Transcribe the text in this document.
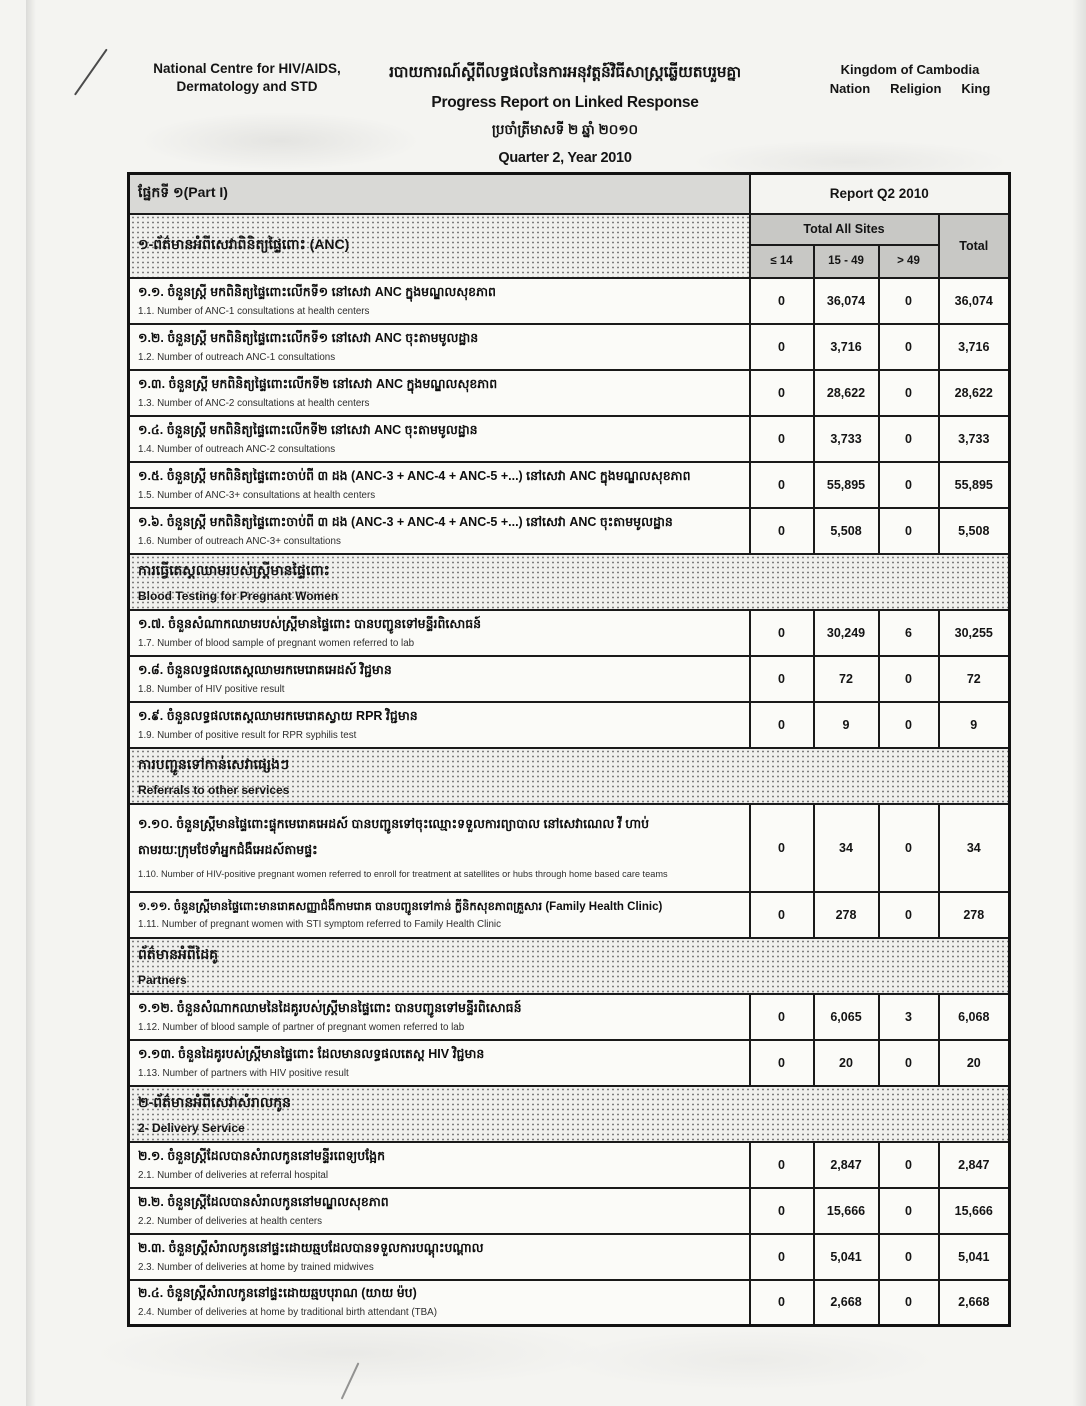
National Centre for HIV/AIDS,
Dermatology and STD
របាយការណ៍ស្ដីពីលទ្ធផលនៃការអនុវត្តន៍វិធីសាស្ត្រឆ្លើយតបរួមគ្នា
Progress Report on Linked Response
ប្រចាំត្រីមាសទី ២ ឆ្នាំ ២០១០
Quarter 2, Year 2010
Kingdom of Cambodia
Nation Religion King
ផ្នែកទី ១(Part I)	Report Q2 2010			
១-ព័ត៌មានអំពីសេវាពិនិត្យផ្ទៃពោះ (ANC)	Total All Sites			Total
	≤ 14	15 - 49	> 49	

១.១. ចំនួនស្ត្រី មកពិនិត្យផ្ទៃពោះលើកទី១ នៅសេវា ANC ក្នុងមណ្ឌលសុខភាព
1.1. Number of ANC-1 consultations at health centers	0	36,074	0	36,074

១.២. ចំនួនស្ត្រី មកពិនិត្យផ្ទៃពោះលើកទី១ នៅសេវា ANC ចុះតាមមូលដ្ឋាន
1.2. Number of outreach ANC-1 consultations	0	3,716	0	3,716

១.៣. ចំនួនស្ត្រី មកពិនិត្យផ្ទៃពោះលើកទី២ នៅសេវា ANC ក្នុងមណ្ឌលសុខភាព
1.3. Number of ANC-2 consultations at health centers	0	28,622	0	28,622

១.៤. ចំនួនស្ត្រី មកពិនិត្យផ្ទៃពោះលើកទី២ នៅសេវា ANC ចុះតាមមូលដ្ឋាន
1.4. Number of outreach ANC-2 consultations	0	3,733	0	3,733

១.៥. ចំនួនស្ត្រី មកពិនិត្យផ្ទៃពោះចាប់ពី ៣ ដង (ANC-3 + ANC-4 + ANC-5 +...) នៅសេវា ANC ក្នុងមណ្ឌលសុខភាព
1.5. Number of ANC-3+ consultations at health centers	0	55,895	0	55,895

១.៦. ចំនួនស្ត្រី មកពិនិត្យផ្ទៃពោះចាប់ពី ៣ ដង (ANC-3 + ANC-4 + ANC-5 +...) នៅសេវា ANC ចុះតាមមូលដ្ឋាន
1.6. Number of outreach ANC-3+ consultations	0	5,508	0	5,508

ការធ្វើតេស្ដឈាមរបស់ស្ត្រីមានផ្ទៃពោះ
Blood Testing for Pregnant Women				

១.៧. ចំនួនសំណាកឈាមរបស់ស្ត្រីមានផ្ទៃពោះ បានបញ្ជូនទៅមន្ទីរពិសោធន៍
1.7. Number of blood sample of pregnant women referred to lab	0	30,249	6	30,255

១.៨. ចំនួនលទ្ធផលតេស្ដឈាមរកមេរោគអេដស៍ វិជ្ជមាន
1.8. Number of HIV positive result	0	72	0	72

១.៩. ចំនួនលទ្ធផលតេស្ដឈាមរកមេរោគស្វាយ RPR វិជ្ជមាន
1.9. Number of positive result for RPR syphilis test	0	9	0	9

ការបញ្ជូនទៅកាន់សេវាផ្សេងៗ
Referrals to other services				

១.១០. ចំនួនស្ត្រីមានផ្ទៃពោះផ្ទុកមេរោគអេដស៍ បានបញ្ជូនទៅចុះឈ្មោះទទួលការព្យាបាល នៅសេវាណេល វី ហាប់
តាមរយៈក្រុមថែទាំអ្នកជំងឺអេដស៍តាមផ្ទះ
1.10. Number of HIV-positive pregnant women referred to enroll for treatment at satellites or hubs through home based care teams	0	34	0	34

១.១១. ចំនួនស្ត្រីមានផ្ទៃពោះមានរោគសញ្ញាជំងឺកាមរោគ បានបញ្ជូនទៅកាន់ ក្លីនិកសុខភាពគ្រួសារ (Family Health Clinic)
1.11. Number of pregnant women with STI symptom referred to Family Health Clinic	0	278	0	278

ព័ត៌មានអំពីដៃគូ
Partners				

១.១២. ចំនួនសំណាកឈាមនៃដៃគូរបស់ស្ត្រីមានផ្ទៃពោះ បានបញ្ជូនទៅមន្ទីរពិសោធន៍
1.12. Number of blood sample of partner of pregnant women referred to lab	0	6,065	3	6,068

១.១៣. ចំនួនដៃគូរបស់ស្ត្រីមានផ្ទៃពោះ ដែលមានលទ្ធផលតេស្ដ HIV វិជ្ជមាន
1.13. Number of partners with HIV positive result	0	20	0	20

២-ព័ត៌មានអំពីសេវាសំរាលកូន
2- Delivery Service				

២.១. ចំនួនស្ត្រីដែលបានសំរាលកូននៅមន្ទីរពេទ្យបង្អែក
2.1. Number of deliveries at referral hospital	0	2,847	0	2,847

២.២. ចំនួនស្ត្រីដែលបានសំរាលកូននៅមណ្ឌលសុខភាព
2.2. Number of deliveries at health centers	0	15,666	0	15,666

២.៣. ចំនួនស្ត្រីសំរាលកូននៅផ្ទះដោយឆ្មបដែលបានទទួលការបណ្ដុះបណ្ដាល
2.3. Number of deliveries at home by trained midwives	0	5,041	0	5,041

២.៤. ចំនួនស្ត្រីសំរាលកូននៅផ្ទះដោយឆ្មបបុរាណ (យាយ ម៉ប)
2.4. Number of deliveries at home by traditional birth attendant (TBA)	0	2,668	0	2,668
